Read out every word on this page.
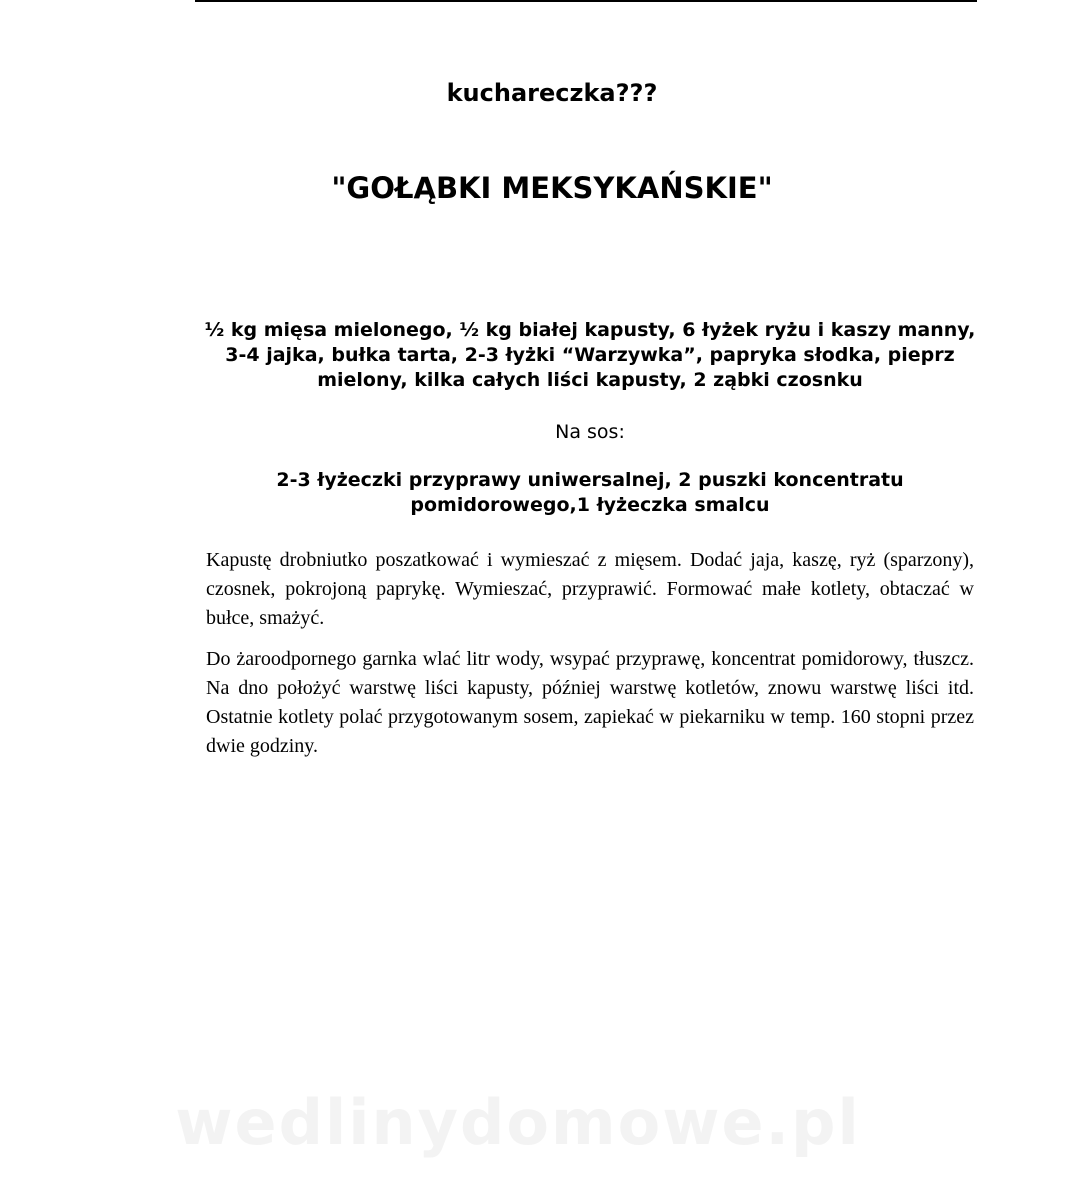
kuchareczka???
"GOŁĄBKI MEKSYKAŃSKIE"
½ kg mięsa mielonego, ½ kg białej kapusty, 6 łyżek ryżu i kaszy manny, 3-4 jajka, bułka tarta, 2-3 łyżki “Warzywka”, papryka słodka, pieprz mielony, kilka całych liści kapusty, 2 ząbki czosnku
Na sos:
2-3 łyżeczki przyprawy uniwersalnej, 2 puszki koncentratu pomidorowego,1 łyżeczka smalcu

Kapustę drobniutko poszatkować i wymieszać z mięsem. Dodać jaja, kaszę, ryż (sparzony), czosnek, pokrojoną paprykę. Wymieszać, przyprawić. Formować małe kotlety, obtaczać w bułce, smażyć.

Do żaroodpornego garnka wlać litr wody, wsypać przyprawę, koncentrat pomidorowy, tłuszcz. Na dno położyć warstwę liści kapusty, później warstwę kotletów, znowu warstwę liści itd. Ostatnie kotlety polać przygotowanym sosem, zapiekać w piekarniku w temp. 160 stopni przez dwie godziny.

wedlinydomowe.pl
